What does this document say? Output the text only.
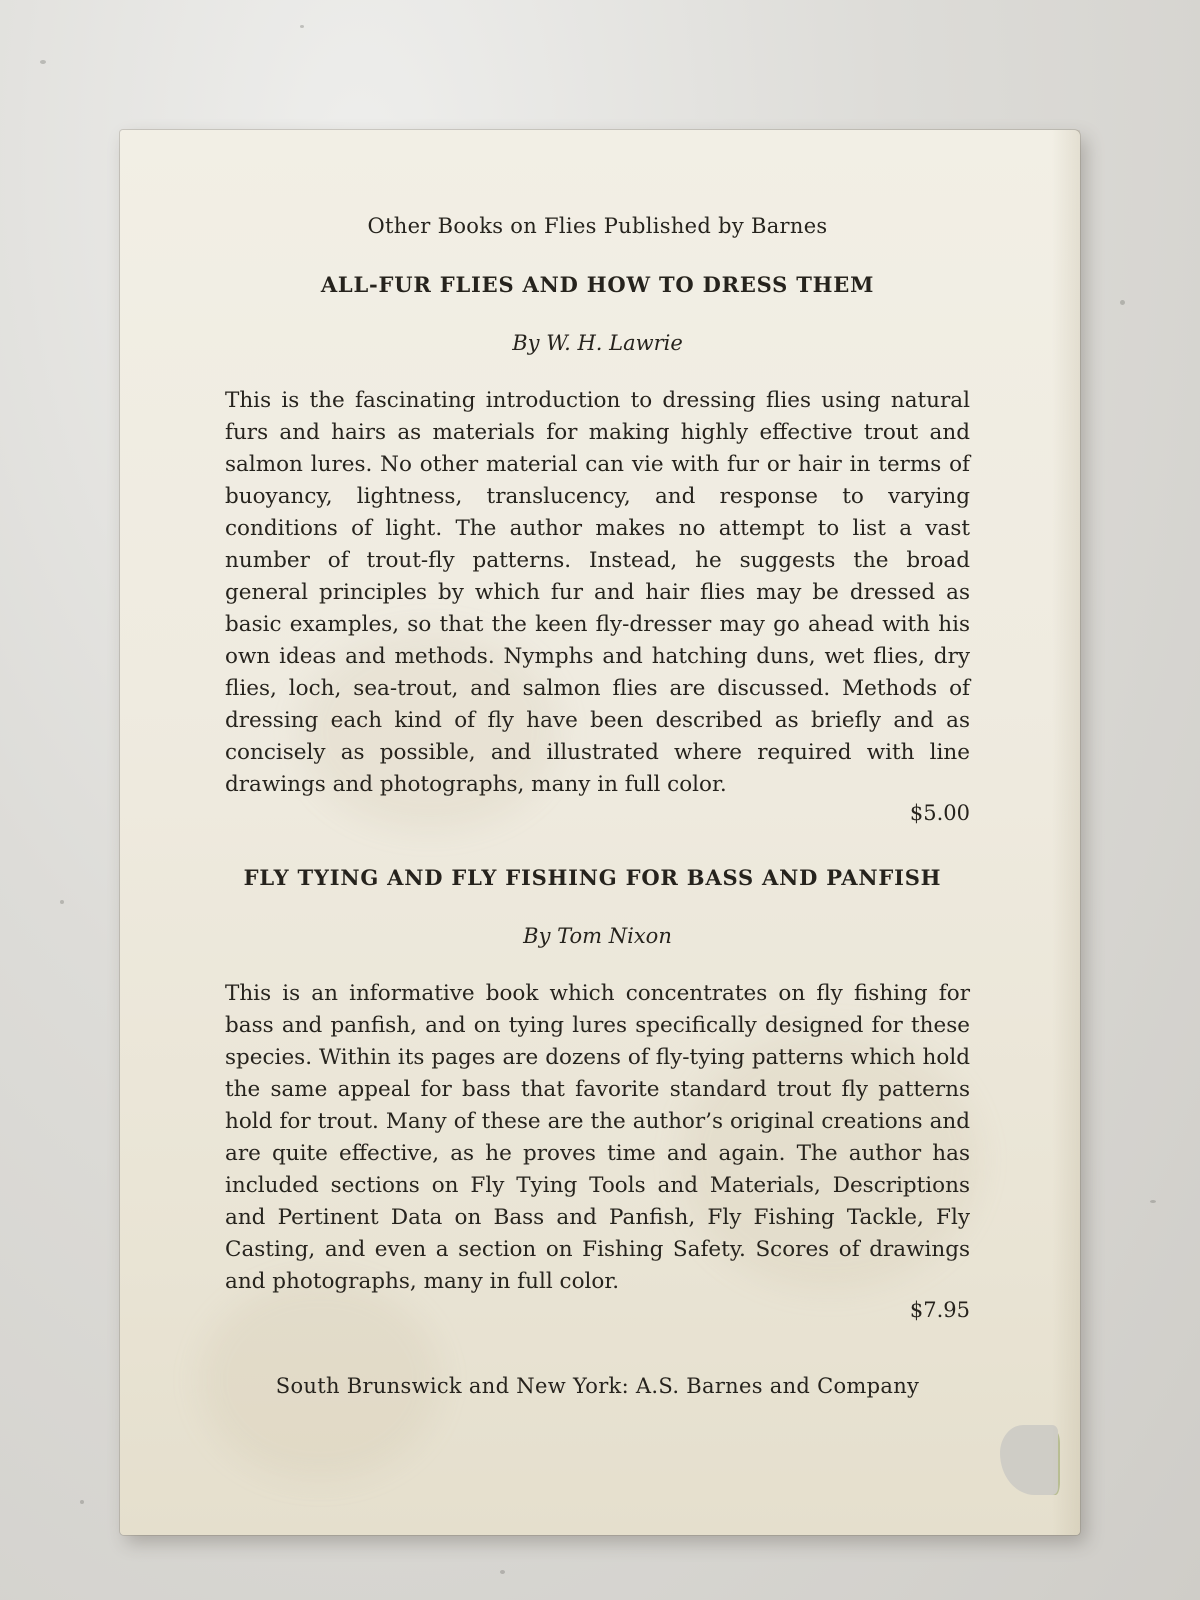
Other Books on Flies Published by Barnes

ALL-FUR FLIES AND HOW TO DRESS THEM

By W. H. Lawrie

This is the fascinating introduction to dressing flies using natural furs and hairs as materials for making highly effective trout and salmon lures. No other material can vie with fur or hair in terms of buoyancy, lightness, translucency, and response to varying conditions of light. The author makes no attempt to list a vast number of trout-fly patterns. Instead, he suggests the broad general principles by which fur and hair flies may be dressed as basic examples, so that the keen fly-dresser may go ahead with his own ideas and methods. Nymphs and hatching duns, wet flies, dry flies, loch, sea-trout, and salmon flies are discussed. Methods of dressing each kind of fly have been described as briefly and as concisely as possible, and illustrated where required with line drawings and photographs, many in full color.

$5.00

FLY TYING AND FLY FISHING FOR BASS AND PANFISH

By Tom Nixon

This is an informative book which concentrates on fly fishing for bass and panfish, and on tying lures specifically designed for these species. Within its pages are dozens of fly-tying patterns which hold the same appeal for bass that favorite standard trout fly patterns hold for trout. Many of these are the author’s original creations and are quite effective, as he proves time and again. The author has included sections on Fly Tying Tools and Materials, Descriptions and Pertinent Data on Bass and Panfish, Fly Fishing Tackle, Fly Casting, and even a section on Fishing Safety. Scores of drawings and photographs, many in full color.

$7.95

South Brunswick and New York: A.S. Barnes and Company
